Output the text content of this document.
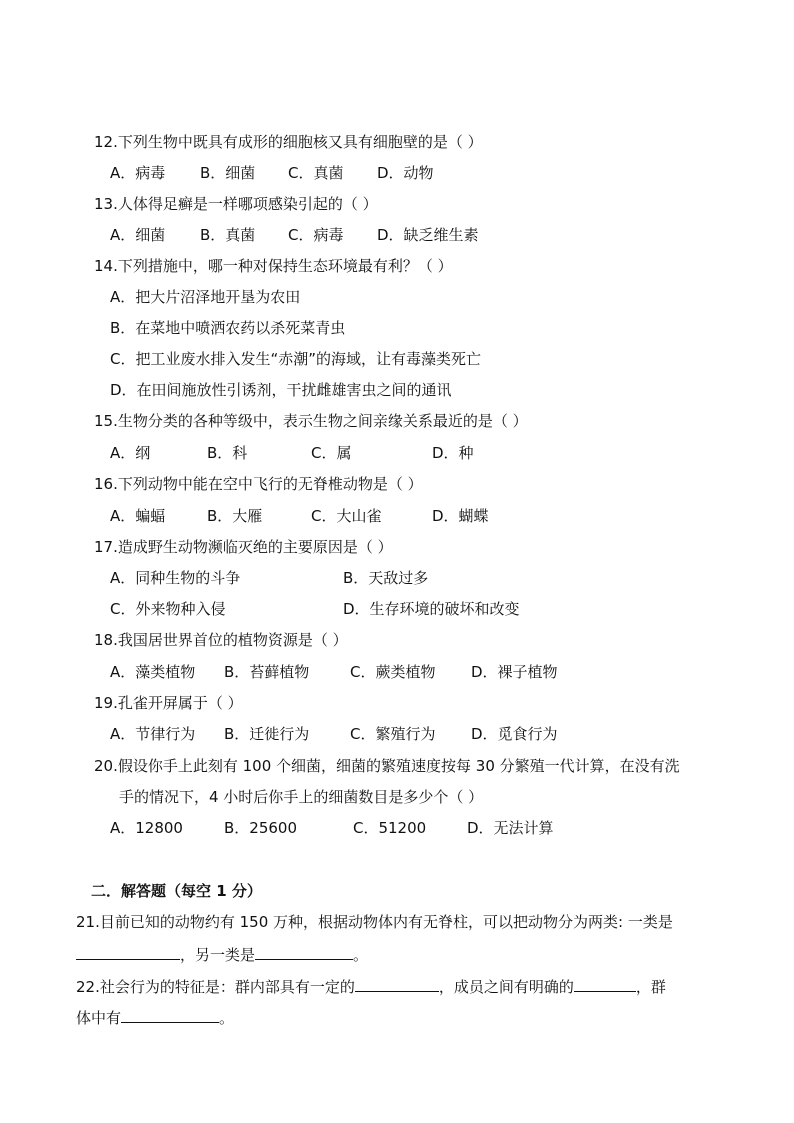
12.下列生物中既具有成形的细胞核又具有细胞壁的是（ ）
A．病毒 B．细菌 C．真菌 D．动物
13.人体得足癣是一样哪项感染引起的（ ）
A．细菌 B．真菌 C．病毒 D．缺乏维生素
14.下列措施中，哪一种对保持生态环境最有利？（ ）
A．把大片沼泽地开垦为农田
B．在菜地中喷洒农药以杀死菜青虫
C．把工业废水排入发生“赤潮”的海域，让有毒藻类死亡
D．在田间施放性引诱剂，干扰雌雄害虫之间的通讯
15.生物分类的各种等级中，表示生物之间亲缘关系最近的是（ ）
A．纲	B．科	C．属	D．种
16.下列动物中能在空中飞行的无脊椎动物是（ ）
A．蝙蝠	B．大雁	C．大山雀	D．蝴蝶
17.造成野生动物濒临灭绝的主要原因是（ ）
A．同种生物的斗争	B．天敌过多
C．外来物种入侵	D．生存环境的破坏和改变
18.我国居世界首位的植物资源是（ ）
A．藻类植物 B．苔藓植物	C．蕨类植物 D．裸子植物
19.孔雀开屏属于（ ）
A．节律行为 B．迁徙行为	C．繁殖行为 D．觅食行为
20.假设你手上此刻有 100 个细菌，细菌的繁殖速度按每 30 分繁殖一代计算，在没有洗
手的情况下，4 小时后你手上的细菌数目是多少个（ ）
A．12800	B．25600	C．51200	D．无法计算
二．解答题（每空 1 分）
21.目前已知的动物约有 150 万种，根据动物体内有无脊柱，可以把动物分为两类: 一类是
，另一类是	。
22.社会行为的特征是：群内部具有一定的	，成员之间有明确的	，群
体中有	。
